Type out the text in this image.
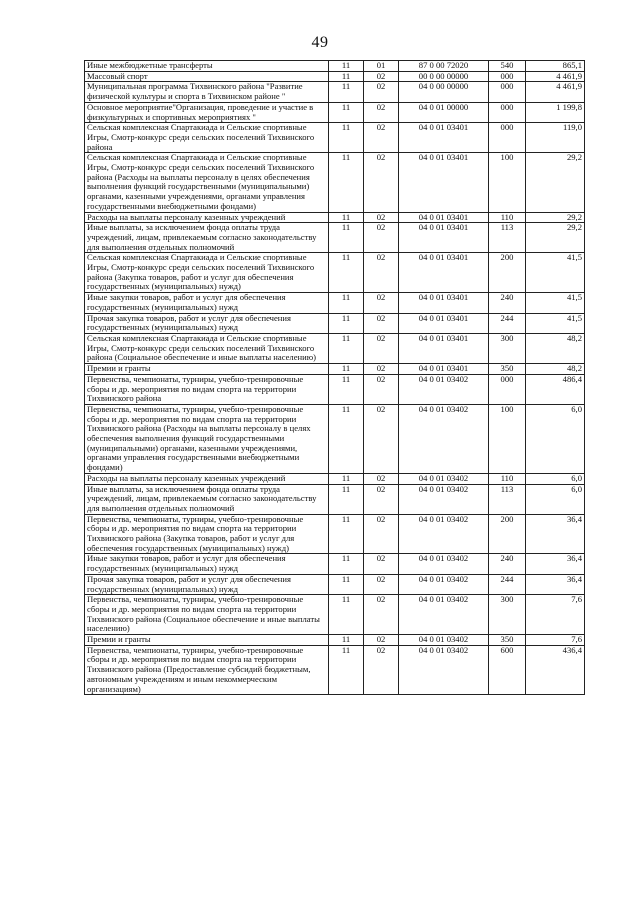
49
Иные межбюджетные трансферты	11	01	87 0 00 72020	540	865,1
Массовый спорт	11	02	00 0 00 00000	000	4 461,9
Муниципальная программа Тихвинского района "Развитие физической культуры и спорта в Тихвинском районе "	11	02	04 0 00 00000	000	4 461,9
Основное мероприятие"Организация, проведение и участие в физкультурных и спортивных мероприятиях "	11	02	04 0 01 00000	000	1 199,8
Сельская комплексная Спартакиада и Сельские спортивные Игры, Смотр-конкурс среди сельских поселений Тихвинского района	11	02	04 0 01 03401	000	119,0
Сельская комплексная Спартакиада и Сельские спортивные Игры, Смотр-конкурс среди сельских поселений Тихвинского района (Расходы на выплаты персоналу в целях обеспечения выполнения функций государственными (муниципальными) органами, казенными учреждениями, органами управления государственными внебюджетными фондами)	11	02	04 0 01 03401	100	29,2
Расходы на выплаты персоналу казенных учреждений	11	02	04 0 01 03401	110	29,2
Иные выплаты, за исключением фонда оплаты труда учреждений, лицам, привлекаемым согласно законодательству для выполнения отдельных полномочий	11	02	04 0 01 03401	113	29,2
Сельская комплексная Спартакиада и Сельские спортивные Игры, Смотр-конкурс среди сельских поселений Тихвинского района (Закупка товаров, работ и услуг для обеспечения государственных (муниципальных) нужд)	11	02	04 0 01 03401	200	41,5
Иные закупки товаров, работ и услуг для обеспечения государственных (муниципальных) нужд	11	02	04 0 01 03401	240	41,5
Прочая закупка товаров, работ и услуг для обеспечения государственных (муниципальных) нужд	11	02	04 0 01 03401	244	41,5
Сельская комплексная Спартакиада и Сельские спортивные Игры, Смотр-конкурс среди сельских поселений Тихвинского района (Социальное обеспечение и иные выплаты населению)	11	02	04 0 01 03401	300	48,2
Премии и гранты	11	02	04 0 01 03401	350	48,2
Первенства, чемпионаты, турниры, учебно-тренировочные сборы и др. мероприятия по видам спорта на территории Тихвинского района	11	02	04 0 01 03402	000	486,4
Первенства, чемпионаты, турниры, учебно-тренировочные сборы и др. мероприятия по видам спорта на территории Тихвинского района (Расходы на выплаты персоналу в целях обеспечения выполнения функций государственными (муниципальными) органами, казенными учреждениями, органами управления государственными внебюджетными фондами)	11	02	04 0 01 03402	100	6,0
Расходы на выплаты персоналу казенных учреждений	11	02	04 0 01 03402	110	6,0
Иные выплаты, за исключением фонда оплаты труда учреждений, лицам, привлекаемым согласно законодательству для выполнения отдельных полномочий	11	02	04 0 01 03402	113	6,0
Первенства, чемпионаты, турниры, учебно-тренировочные сборы и др. мероприятия по видам спорта на территории Тихвинского района (Закупка товаров, работ и услуг для обеспечения государственных (муниципальных) нужд)	11	02	04 0 01 03402	200	36,4
Иные закупки товаров, работ и услуг для обеспечения государственных (муниципальных) нужд	11	02	04 0 01 03402	240	36,4
Прочая закупка товаров, работ и услуг для обеспечения государственных (муниципальных) нужд	11	02	04 0 01 03402	244	36,4
Первенства, чемпионаты, турниры, учебно-тренировочные сборы и др. мероприятия по видам спорта на территории Тихвинского района (Социальное обеспечение и иные выплаты населению)	11	02	04 0 01 03402	300	7,6
Премии и гранты	11	02	04 0 01 03402	350	7,6
Первенства, чемпионаты, турниры, учебно-тренировочные сборы и др. мероприятия по видам спорта на территории Тихвинского района (Предоставление субсидий бюджетным, автономным учреждениям и иным некоммерческим организациям)	11	02	04 0 01 03402	600	436,4
